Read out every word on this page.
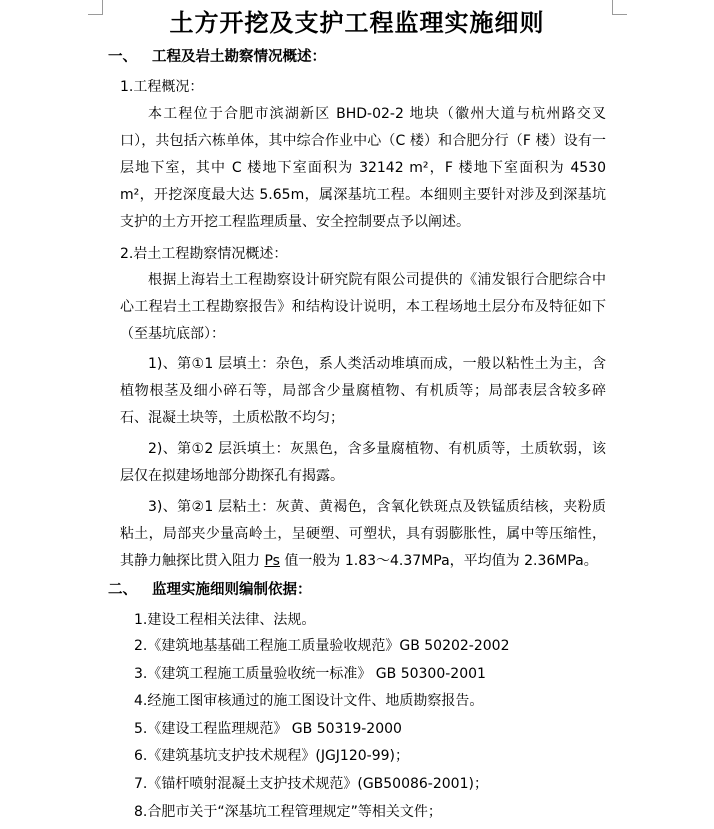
土方开挖及支护工程监理实施细则
一、 工程及岩土勘察情况概述：
1.工程概况：
本工程位于合肥市滨湖新区 BHD-02-2 地块（徽州大道与杭州路交叉口），共包括六栋单体，其中综合作业中心（C 楼）和合肥分行（F 楼）设有一层地下室，其中 C 楼地下室面积为 32142 m²，F 楼地下室面积为 4530 m²，开挖深度最大达 5.65m，属深基坑工程。本细则主要针对涉及到深基坑支护的土方开挖工程监理质量、安全控制要点予以阐述。
2.岩土工程勘察情况概述：
根据上海岩土工程勘察设计研究院有限公司提供的《浦发银行合肥综合中心工程岩土工程勘察报告》和结构设计说明，本工程场地土层分布及特征如下（至基坑底部）：
1)、第①1 层填土：杂色，系人类活动堆填而成，一般以粘性土为主，含植物根茎及细小碎石等，局部含少量腐植物、有机质等；局部表层含较多碎石、混凝土块等，土质松散不均匀；
2)、第①2 层浜填土：灰黑色，含多量腐植物、有机质等，土质软弱，该层仅在拟建场地部分勘探孔有揭露。
3)、第②1 层粘土：灰黄、黄褐色，含氧化铁斑点及铁锰质结核，夹粉质粘土，局部夹少量高岭土，呈硬塑、可塑状，具有弱膨胀性，属中等压缩性，其静力触探比贯入阻力 Ps 值一般为 1.83～4.37MPa，平均值为 2.36MPa。
二、 监理实施细则编制依据：
1.建设工程相关法律、法规。
2.《建筑地基基础工程施工质量验收规范》GB 50202-2002
3.《建筑工程施工质量验收统一标准》 GB 50300-2001
4.经施工图审核通过的施工图设计文件、地质勘察报告。
5.《建设工程监理规范》 GB 50319-2000
6.《建筑基坑支护技术规程》(JGJ120-99)；
7.《锚杆喷射混凝土支护技术规范》(GB50086-2001)；
8.合肥市关于“深基坑工程管理规定”等相关文件；
